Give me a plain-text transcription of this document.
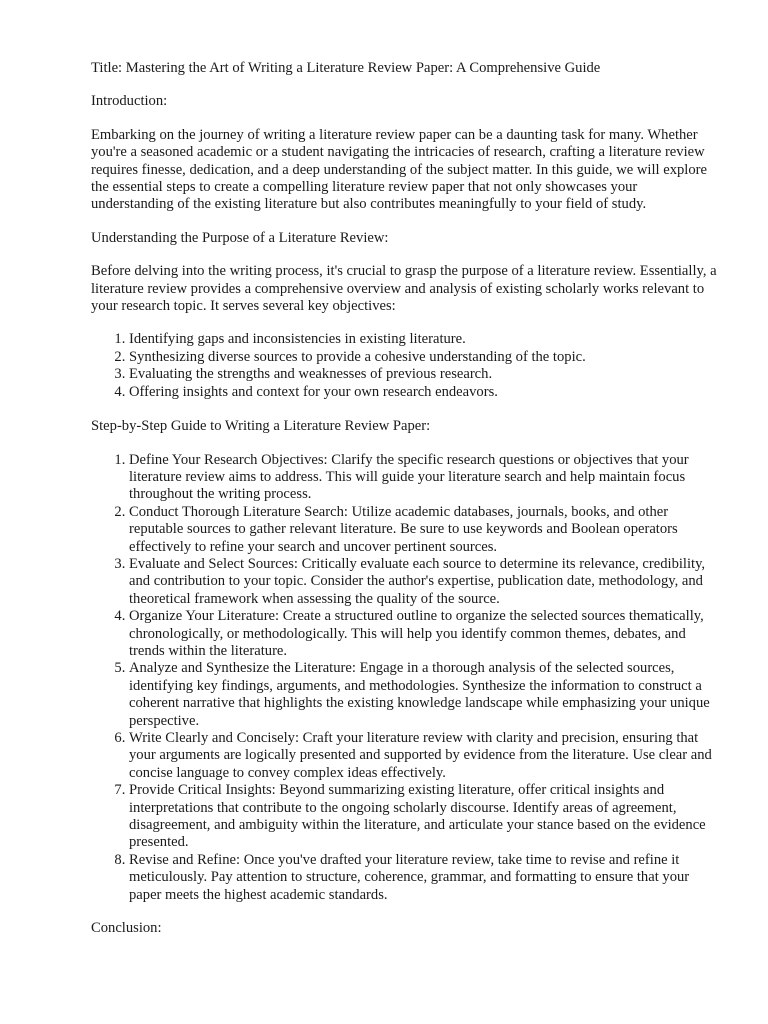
Title: Mastering the Art of Writing a Literature Review Paper: A Comprehensive Guide

Introduction:

Embarking on the journey of writing a literature review paper can be a daunting task for many. Whether you're a seasoned academic or a student navigating the intricacies of research, crafting a literature review requires finesse, dedication, and a deep understanding of the subject matter. In this guide, we will explore the essential steps to create a compelling literature review paper that not only showcases your understanding of the existing literature but also contributes meaningfully to your field of study.

Understanding the Purpose of a Literature Review:

Before delving into the writing process, it's crucial to grasp the purpose of a literature review. Essentially, a literature review provides a comprehensive overview and analysis of existing scholarly works relevant to your research topic. It serves several key objectives:

1. Identifying gaps and inconsistencies in existing literature.
2. Synthesizing diverse sources to provide a cohesive understanding of the topic.
3. Evaluating the strengths and weaknesses of previous research.
4. Offering insights and context for your own research endeavors.

Step-by-Step Guide to Writing a Literature Review Paper:

1. Define Your Research Objectives: Clarify the specific research questions or objectives that your literature review aims to address. This will guide your literature search and help maintain focus throughout the writing process.
2. Conduct Thorough Literature Search: Utilize academic databases, journals, books, and other reputable sources to gather relevant literature. Be sure to use keywords and Boolean operators effectively to refine your search and uncover pertinent sources.
3. Evaluate and Select Sources: Critically evaluate each source to determine its relevance, credibility, and contribution to your topic. Consider the author's expertise, publication date, methodology, and theoretical framework when assessing the quality of the source.
4. Organize Your Literature: Create a structured outline to organize the selected sources thematically, chronologically, or methodologically. This will help you identify common themes, debates, and trends within the literature.
5. Analyze and Synthesize the Literature: Engage in a thorough analysis of the selected sources, identifying key findings, arguments, and methodologies. Synthesize the information to construct a coherent narrative that highlights the existing knowledge landscape while emphasizing your unique perspective.
6. Write Clearly and Concisely: Craft your literature review with clarity and precision, ensuring that your arguments are logically presented and supported by evidence from the literature. Use clear and concise language to convey complex ideas effectively.
7. Provide Critical Insights: Beyond summarizing existing literature, offer critical insights and interpretations that contribute to the ongoing scholarly discourse. Identify areas of agreement, disagreement, and ambiguity within the literature, and articulate your stance based on the evidence presented.
8. Revise and Refine: Once you've drafted your literature review, take time to revise and refine it meticulously. Pay attention to structure, coherence, grammar, and formatting to ensure that your paper meets the highest academic standards.

Conclusion:
